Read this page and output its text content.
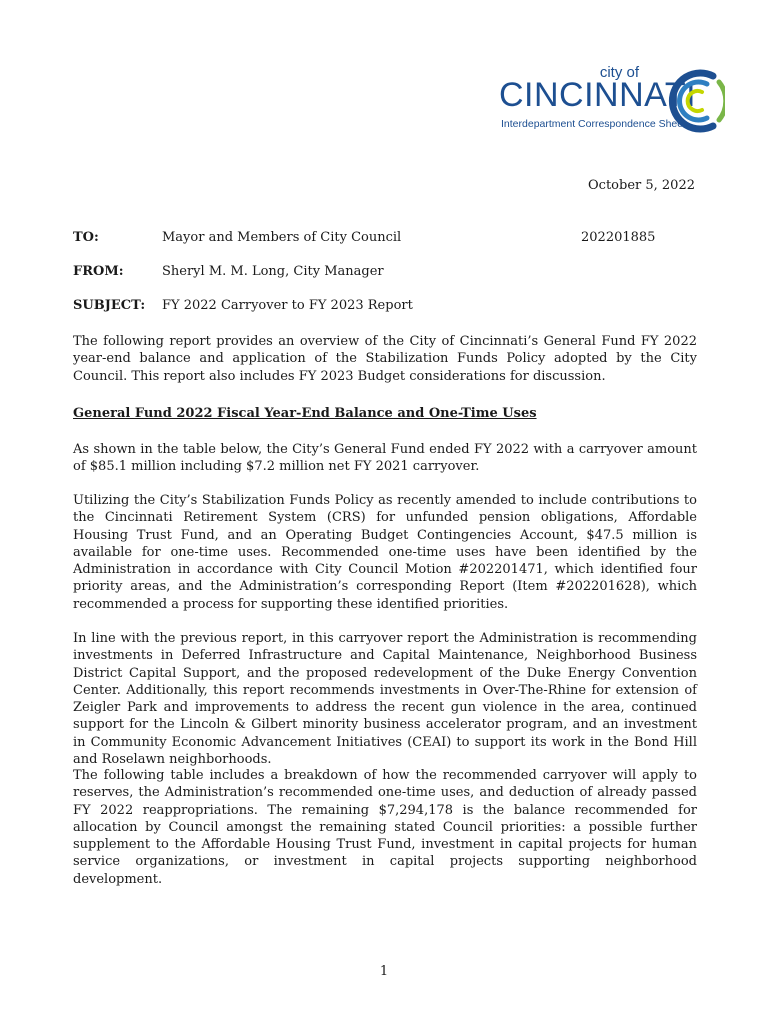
city of
CINCINNATI
Interdepartment Correspondence Sheet
October 5, 2022
TO:	Mayor and Members of City Council	202201885
FROM:	Sheryl M. M. Long, City Manager
SUBJECT: FY 2022 Carryover to FY 2023 Report
The following report provides an overview of the City of Cincinnati’s General Fund FY 2022 year-end balance and application of the Stabilization Funds Policy adopted by the City Council. This report also includes FY 2023 Budget considerations for discussion.
General Fund 2022 Fiscal Year-End Balance and One-Time Uses
As shown in the table below, the City’s General Fund ended FY 2022 with a carryover amount of $85.1 million including $7.2 million net FY 2021 carryover.
Utilizing the City’s Stabilization Funds Policy as recently amended to include contributions to the Cincinnati Retirement System (CRS) for unfunded pension obligations, Affordable Housing Trust Fund, and an Operating Budget Contingencies Account, $47.5 million is available for one-time uses. Recommended one-time uses have been identified by the Administration in accordance with City Council Motion #202201471, which identified four priority areas, and the Administration’s corresponding Report (Item #202201628), which recommended a process for supporting these identified priorities.
In line with the previous report, in this carryover report the Administration is recommending investments in Deferred Infrastructure and Capital Maintenance, Neighborhood Business District Capital Support, and the proposed redevelopment of the Duke Energy Convention Center. Additionally, this report recommends investments in Over-The-Rhine for extension of Zeigler Park and improvements to address the recent gun violence in the area, continued support for the Lincoln & Gilbert minority business accelerator program, and an investment in Community Economic Advancement Initiatives (CEAI) to support its work in the Bond Hill and Roselawn neighborhoods.
The following table includes a breakdown of how the recommended carryover will apply to reserves, the Administration’s recommended one-time uses, and deduction of already passed FY 2022 reappropriations. The remaining $7,294,178 is the balance recommended for allocation by Council amongst the remaining stated Council priorities: a possible further supplement to the Affordable Housing Trust Fund, investment in capital projects for human service organizations, or investment in capital projects supporting neighborhood development.
1
